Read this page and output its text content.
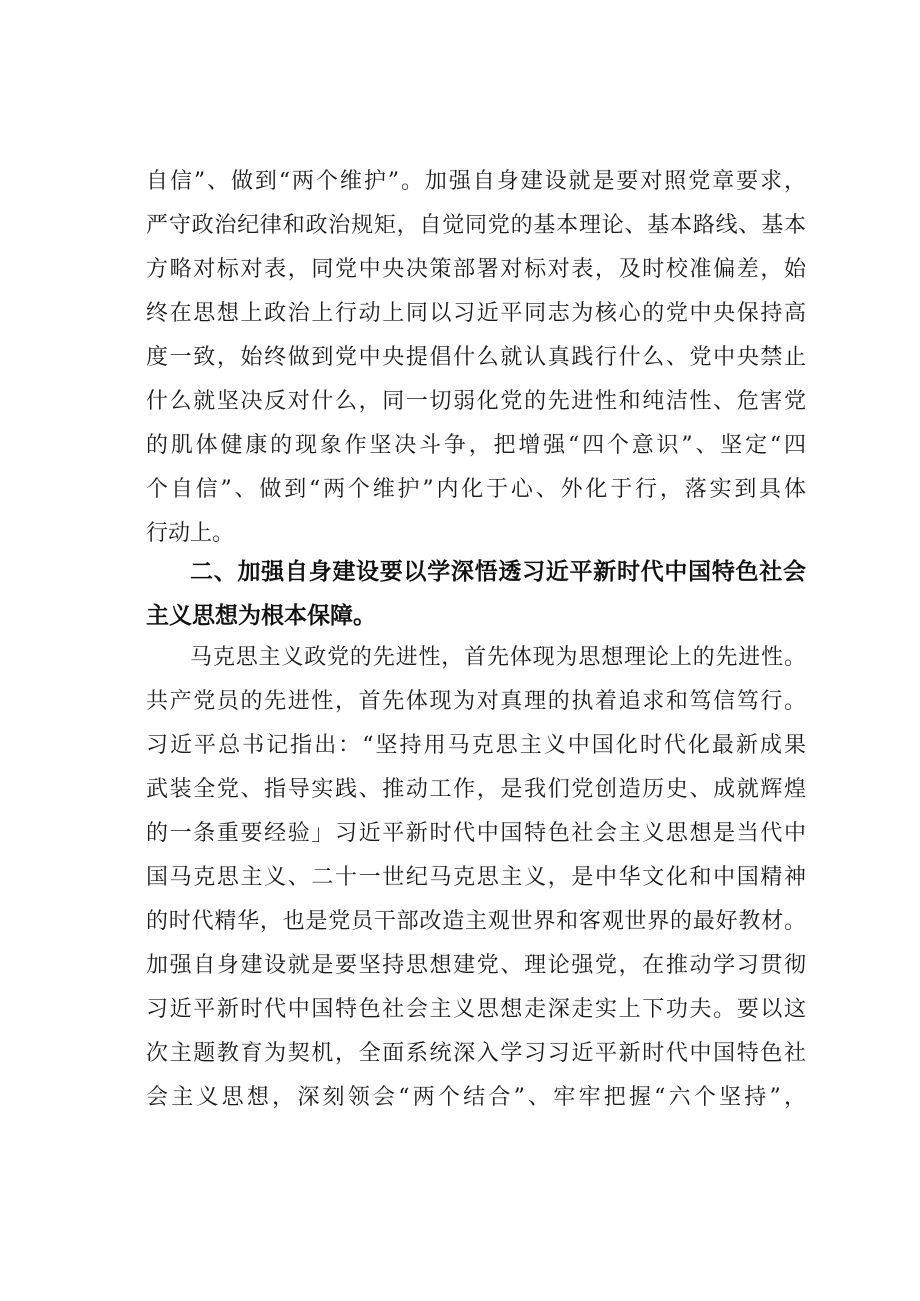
自信”、做到“两个维护”。加强自身建设就是要对照党章要求，
严守政治纪律和政治规矩，自觉同党的基本理论、基本路线、基本
方略对标对表，同党中央决策部署对标对表，及时校准偏差，始
终在思想上政治上行动上同以习近平同志为核心的党中央保持高
度一致，始终做到党中央提倡什么就认真践行什么、党中央禁止
什么就坚决反对什么，同一切弱化党的先进性和纯洁性、危害党
的肌体健康的现象作坚决斗争，把增强“四个意识”、坚定“四
个自信”、做到“两个维护”内化于心、外化于行，落实到具体
行动上。
二、加强自身建设要以学深悟透习近平新时代中国特色社会
主义思想为根本保障。
马克思主义政党的先进性，首先体现为思想理论上的先进性。
共产党员的先进性，首先体现为对真理的执着追求和笃信笃行。
习近平总书记指出：“坚持用马克思主义中国化时代化最新成果
武装全党、指导实践、推动工作，是我们党创造历史、成就辉煌
的一条重要经验」习近平新时代中国特色社会主义思想是当代中
国马克思主义、二十一世纪马克思主义，是中华文化和中国精神
的时代精华，也是党员干部改造主观世界和客观世界的最好教材。
加强自身建设就是要坚持思想建党、理论强党，在推动学习贯彻
习近平新时代中国特色社会主义思想走深走实上下功夫。要以这
次主题教育为契机，全面系统深入学习习近平新时代中国特色社
会主义思想，深刻领会“两个结合”、牢牢把握“六个坚持”，
